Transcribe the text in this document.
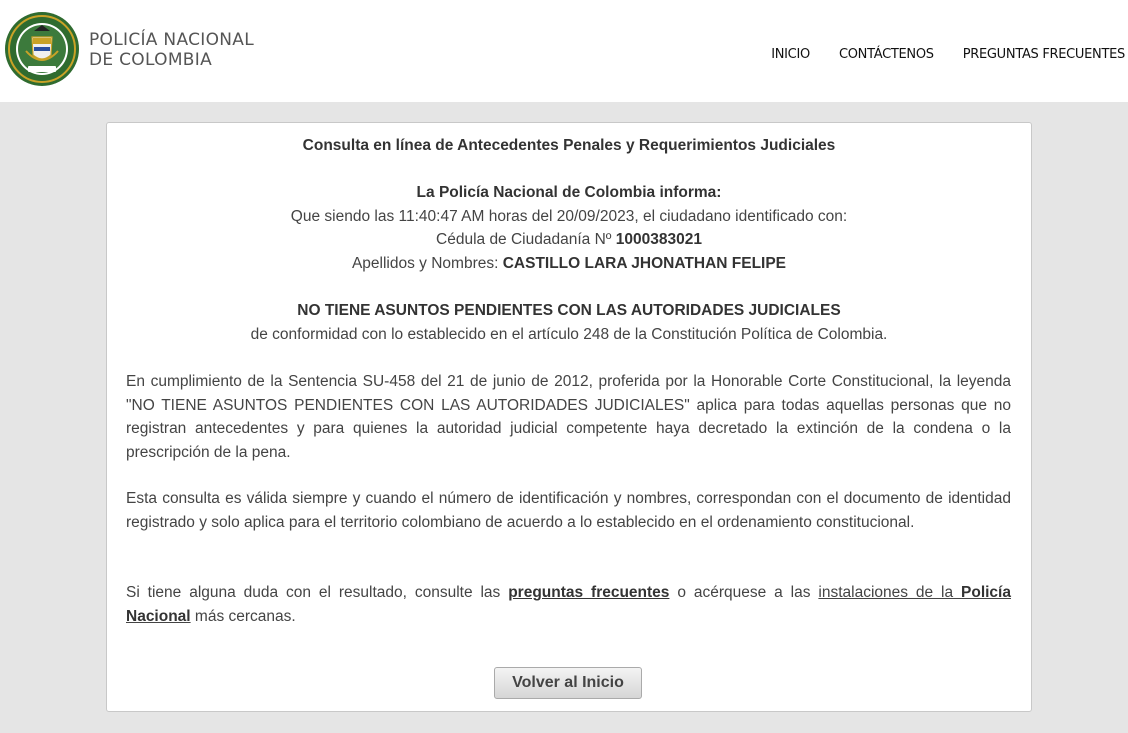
POLICÍA NACIONAL
DE COLOMBIA	INICIO CONTÁCTENOS PREGUNTAS FRECUENTES
Consulta en línea de Antecedentes Penales y Requerimientos Judiciales
La Policía Nacional de Colombia informa:
Que siendo las 11:40:47 AM horas del 20/09/2023, el ciudadano identificado con:
Cédula de Ciudadanía Nº 1000383021
Apellidos y Nombres: CASTILLO LARA JHONATHAN FELIPE
NO TIENE ASUNTOS PENDIENTES CON LAS AUTORIDADES JUDICIALES
de conformidad con lo establecido en el artículo 248 de la Constitución Política de Colombia.
En cumplimiento de la Sentencia SU-458 del 21 de junio de 2012, proferida por la Honorable Corte Constitucional, la leyenda "NO TIENE ASUNTOS PENDIENTES CON LAS AUTORIDADES JUDICIALES" aplica para todas aquellas personas que no registran antecedentes y para quienes la autoridad judicial competente haya decretado la extinción de la condena o la prescripción de la pena.
Esta consulta es válida siempre y cuando el número de identificación y nombres, correspondan con el documento de identidad registrado y solo aplica para el territorio colombiano de acuerdo a lo establecido en el ordenamiento constitucional.
Si tiene alguna duda con el resultado, consulte las preguntas frecuentes o acérquese a las instalaciones de la Policía Nacional más cercanas.
Volver al Inicio
